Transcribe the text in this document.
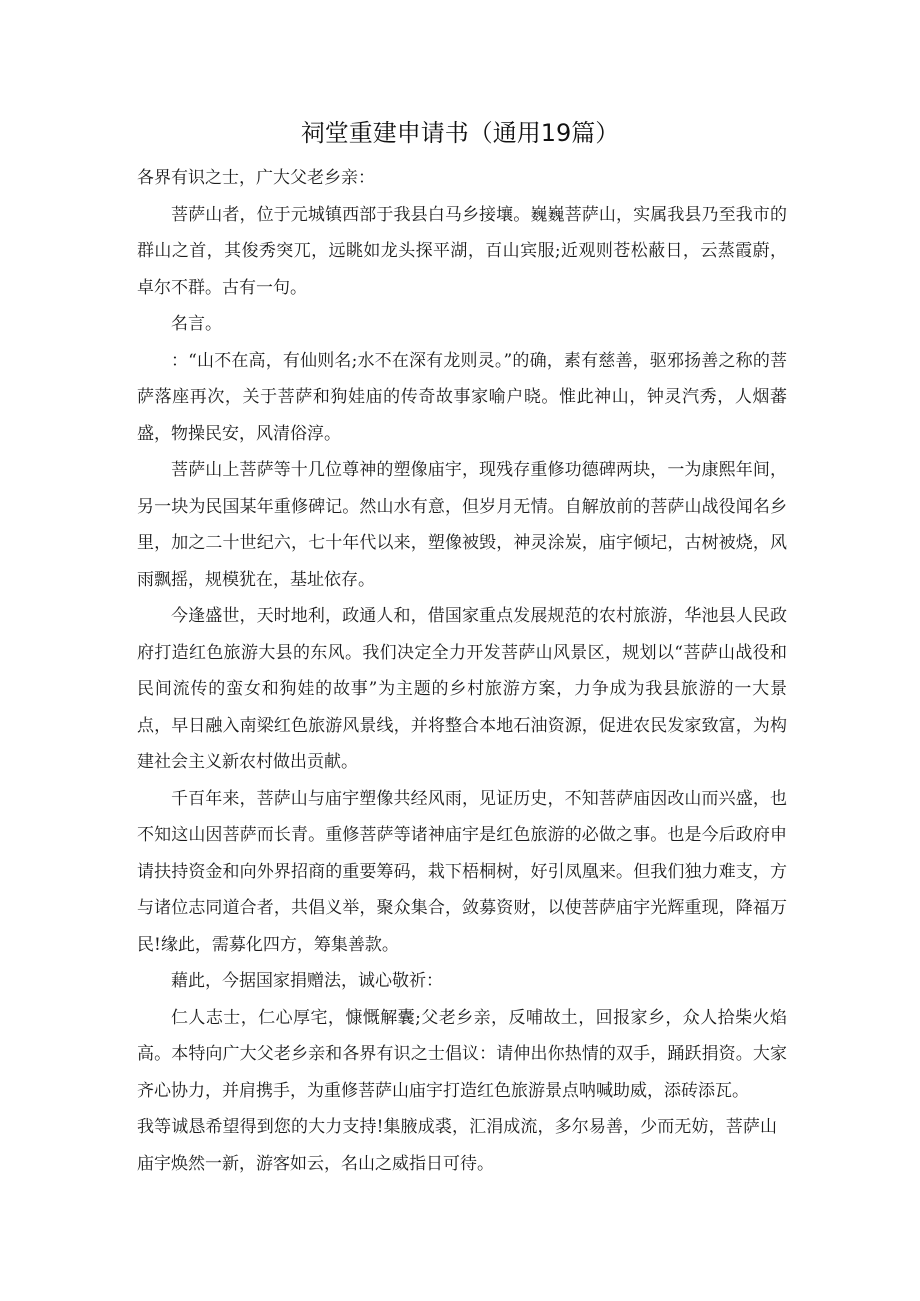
祠堂重建申请书（通用19篇）

各界有识之士，广大父老乡亲：

菩萨山者，位于元城镇西部于我县白马乡接壤。巍巍菩萨山，实属我县乃至我市的群山之首，其俊秀突兀，远眺如龙头探平湖，百山宾服;近观则苍松蔽日，云蒸霞蔚，卓尔不群。古有一句。

名言。

：“山不在高，有仙则名;水不在深有龙则灵。”的确，素有慈善，驱邪扬善之称的菩萨落座再次，关于菩萨和狗娃庙的传奇故事家喻户晓。惟此神山，钟灵汽秀，人烟蕃盛，物操民安，风清俗淳。

菩萨山上菩萨等十几位尊神的塑像庙宇，现残存重修功德碑两块，一为康熙年间，另一块为民国某年重修碑记。然山水有意，但岁月无情。自解放前的菩萨山战役闻名乡里，加之二十世纪六，七十年代以来，塑像被毁，神灵涂炭，庙宇倾圮，古树被烧，风雨飘摇，规模犹在，基址依存。

今逢盛世，天时地利，政通人和，借国家重点发展规范的农村旅游，华池县人民政府打造红色旅游大县的东风。我们决定全力开发菩萨山风景区，规划以“菩萨山战役和民间流传的蛮女和狗娃的故事”为主题的乡村旅游方案，力争成为我县旅游的一大景点，早日融入南梁红色旅游风景线，并将整合本地石油资源，促进农民发家致富，为构建社会主义新农村做出贡献。

千百年来，菩萨山与庙宇塑像共经风雨，见证历史，不知菩萨庙因改山而兴盛，也不知这山因菩萨而长青。重修菩萨等诸神庙宇是红色旅游的必做之事。也是今后政府申请扶持资金和向外界招商的重要筹码，栽下梧桐树，好引凤凰来。但我们独力难支，方与诸位志同道合者，共倡义举，聚众集合，敛募资财，以使菩萨庙宇光辉重现，降福万民!缘此，需募化四方，筹集善款。

藉此，今据国家捐赠法，诚心敬祈：

仁人志士，仁心厚宅，慷慨解囊;父老乡亲，反哺故土，回报家乡，众人拾柴火焰高。本特向广大父老乡亲和各界有识之士倡议：请伸出你热情的双手，踊跃捐资。大家齐心协力，并肩携手，为重修菩萨山庙宇打造红色旅游景点呐喊助威，添砖添瓦。

我等诚恳希望得到您的大力支持!集腋成裘，汇涓成流，多尔易善，少而无妨，菩萨山庙宇焕然一新，游客如云，名山之威指日可待。
